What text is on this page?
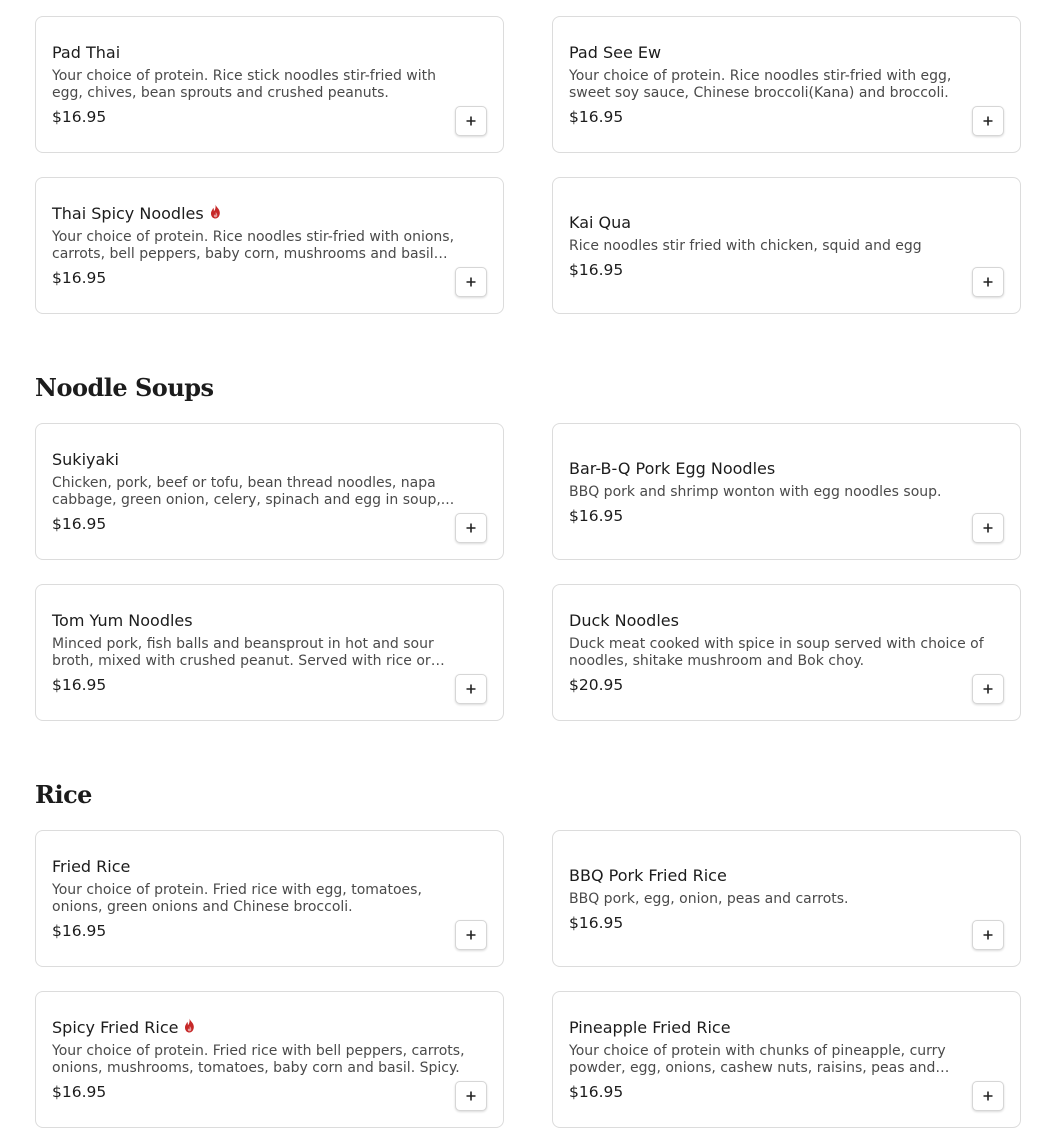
Pad Thai
Your choice of protein. Rice stick noodles stir-fried with egg, chives, bean sprouts and crushed peanuts.
$16.95
Pad See Ew
Your choice of protein. Rice noodles stir-fried with egg, sweet soy sauce, Chinese broccoli(Kana) and broccoli.
$16.95
Thai Spicy Noodles
Your choice of protein. Rice noodles stir-fried with onions, carrots, bell peppers, baby corn, mushrooms and basil
$16.95
Kai Qua
Rice noodles stir fried with chicken, squid and egg
$16.95
Noodle Soups
Sukiyaki
Chicken, pork, beef or tofu, bean thread noodles, napa cabbage, green onion, celery, spinach and egg in soup,...
$16.95
Bar-B-Q Pork Egg Noodles
BBQ pork and shrimp wonton with egg noodles soup.
$16.95
Tom Yum Noodles
Minced pork, fish balls and beansprout in hot and sour broth, mixed with crushed peanut. Served with rice or
$16.95
Duck Noodles
Duck meat cooked with spice in soup served with choice of noodles, shitake mushroom and Bok choy.
$20.95
Rice
Fried Rice
Your choice of protein. Fried rice with egg, tomatoes, onions, green onions and Chinese broccoli.
$16.95
BBQ Pork Fried Rice
BBQ pork, egg, onion, peas and carrots.
$16.95
Spicy Fried Rice
Your choice of protein. Fried rice with bell peppers, carrots, onions, mushrooms, tomatoes, baby corn and basil. Spicy.
$16.95
Pineapple Fried Rice
Your choice of protein with chunks of pineapple, curry powder, egg, onions, cashew nuts, raisins, peas and
$16.95
